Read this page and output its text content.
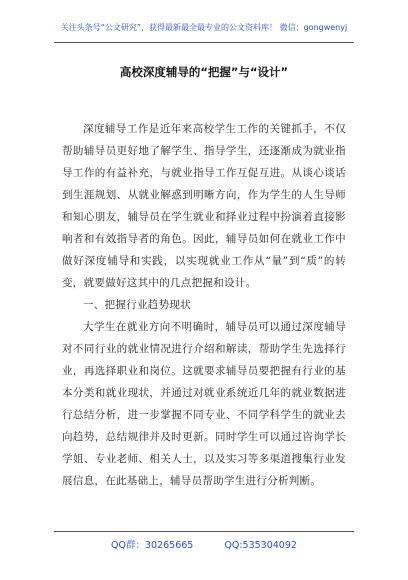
关注头条号“公文研究”，获得最新最全最专业的公文资料库！ 微信：gongwenyj
高校深度辅导的“把握”与“设计”

深度辅导工作是近年来高校学生工作的关键抓手，不仅帮助辅导员更好地了解学生、指导学生，还逐渐成为就业指导工作的有益补充，与就业指导工作互促互进。从谈心谈话到生涯规划、从就业解惑到明晰方向，作为学生的人生导师和知心朋友，辅导员在学生就业和择业过程中扮演着直接影响者和有效指导者的角色。因此，辅导员如何在就业工作中做好深度辅导和实践，以实现就业工作从“量”到“质”的转变，就要做好这其中的几点把握和设计。

一、把握行业趋势现状

大学生在就业方向不明确时，辅导员可以通过深度辅导对不同行业的就业情况进行介绍和解读，帮助学生先选择行业，再选择职业和岗位。这就要求辅导员要把握有行业的基本分类和就业现状，并通过对就业系统近几年的就业数据进行总结分析，进一步掌握不同专业、不同学科学生的就业去向趋势，总结规律并及时更新。同时学生可以通过咨询学长学姐、专业老师、相关人士，以及实习等多渠道搜集行业发展信息，在此基础上，辅导员帮助学生进行分析判断。

QQ群：30265665	QQ:535304092
